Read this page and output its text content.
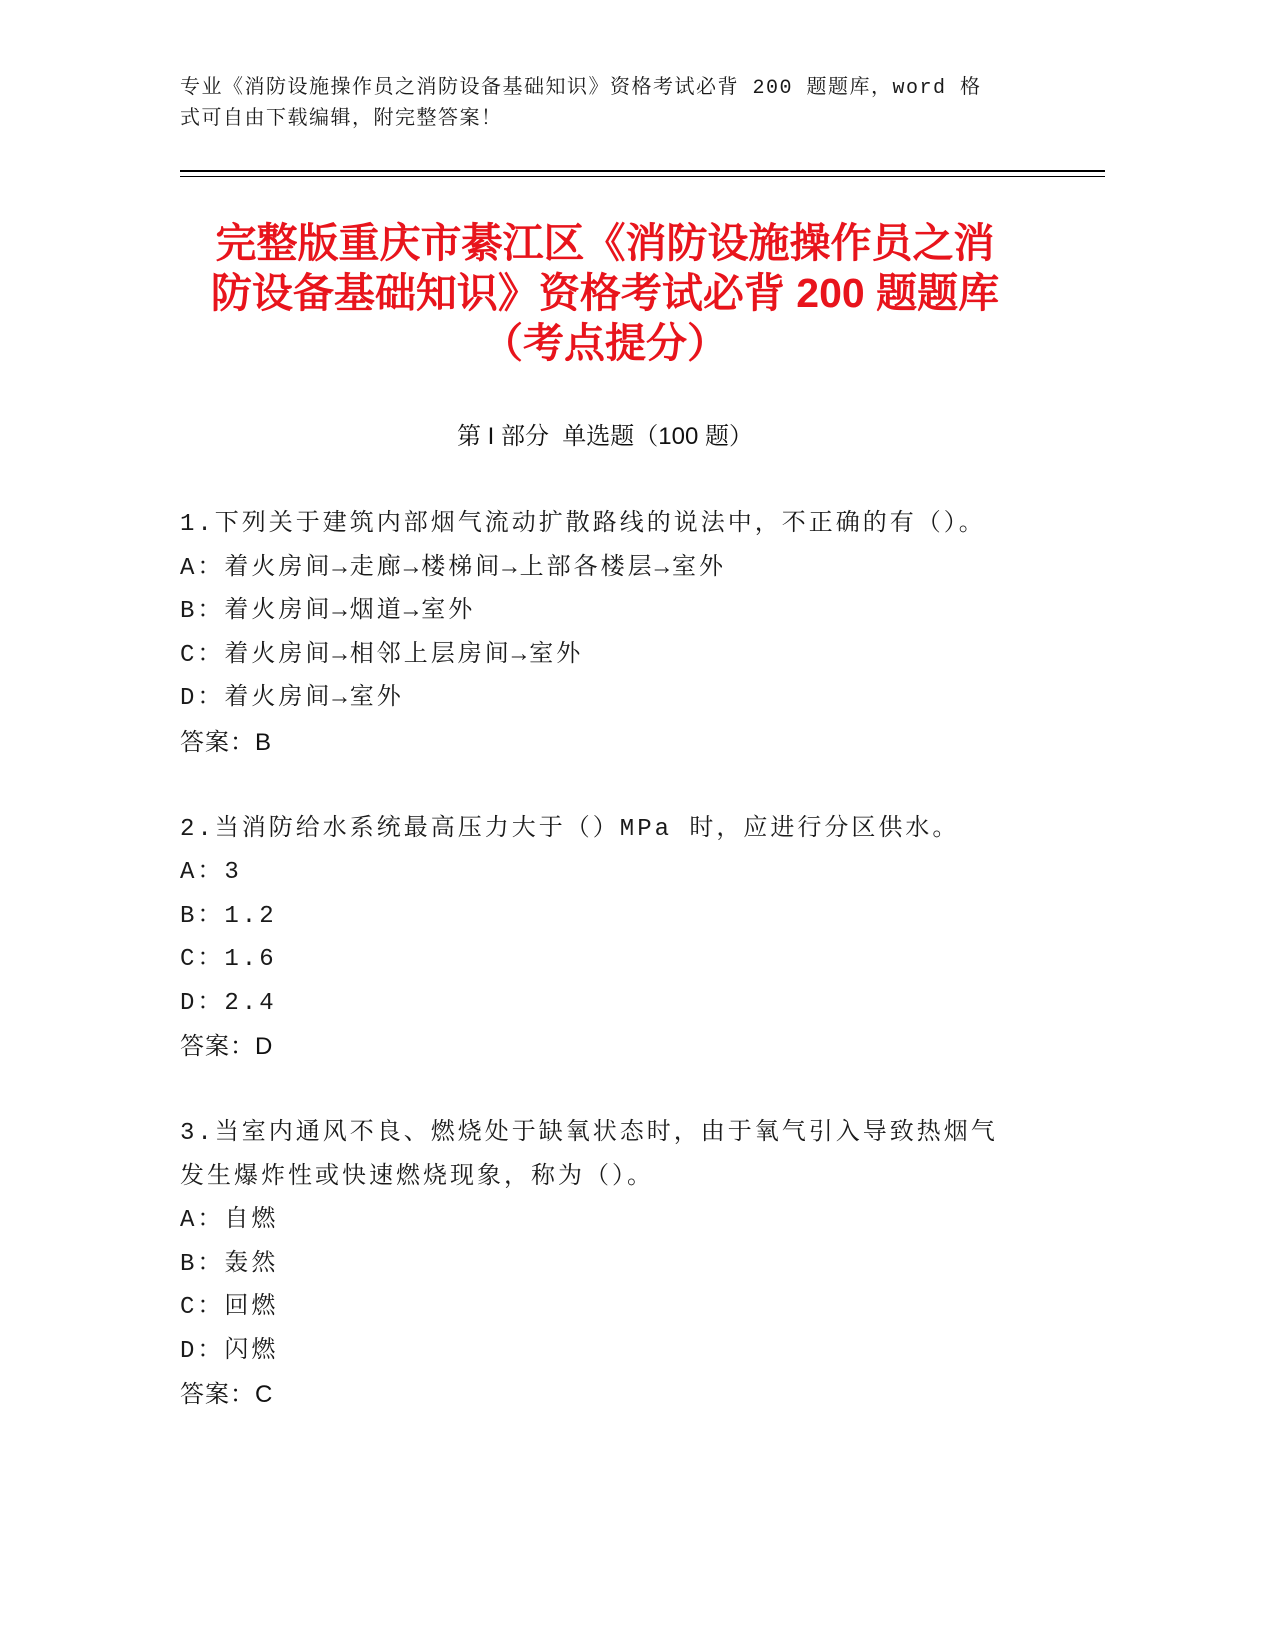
专业《消防设施操作员之消防设备基础知识》资格考试必背 200 题题库，word 格
式可自由下载编辑，附完整答案！
完整版重庆市綦江区《消防设施操作员之消
防设备基础知识》资格考试必背 200 题题库
（考点提分）
第 I 部分  单选题（100 题）
1.下列关于建筑内部烟气流动扩散路线的说法中，不正确的有（）。
A：着火房间→走廊→楼梯间→上部各楼层→室外
B：着火房间→烟道→室外
C：着火房间→相邻上层房间→室外
D：着火房间→室外
答案：B
2.当消防给水系统最高压力大于（）MPa 时，应进行分区供水。
A：3
B：1.2
C：1.6
D：2.4
答案：D
3.当室内通风不良、燃烧处于缺氧状态时，由于氧气引入导致热烟气
发生爆炸性或快速燃烧现象，称为（）。
A：自燃
B：轰然
C：回燃
D：闪燃
答案：C
